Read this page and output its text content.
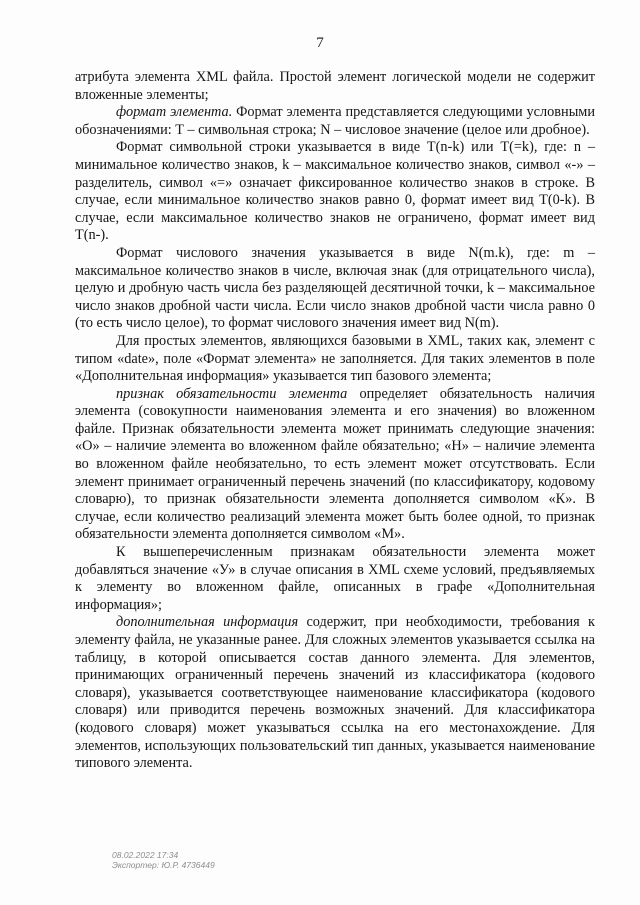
7

атрибута элемента XML файла. Простой элемент логической модели не содержит вложенные элементы;

формат элемента. Формат элемента представляется следующими условными обозначениями: T – символьная строка; N – числовое значение (целое или дробное).

Формат символьной строки указывается в виде T(n-k) или T(=k), где: n – минимальное количество знаков, k – максимальное количество знаков, символ «-» – разделитель, символ «=» означает фиксированное количество знаков в строке. В случае, если минимальное количество знаков равно 0, формат имеет вид T(0-k). В случае, если максимальное количество знаков не ограничено, формат имеет вид T(n-).

Формат числового значения указывается в виде N(m.k), где: m – максимальное количество знаков в числе, включая знак (для отрицательного числа), целую и дробную часть числа без разделяющей десятичной точки, k – максимальное число знаков дробной части числа. Если число знаков дробной части числа равно 0 (то есть число целое), то формат числового значения имеет вид N(m).

Для простых элементов, являющихся базовыми в XML, таких как, элемент с типом «date», поле «Формат элемента» не заполняется. Для таких элементов в поле «Дополнительная информация» указывается тип базового элемента;

признак обязательности элемента определяет обязательность наличия элемента (совокупности наименования элемента и его значения) во вложенном файле. Признак обязательности элемента может принимать следующие значения: «О» – наличие элемента во вложенном файле обязательно; «Н» – наличие элемента во вложенном файле необязательно, то есть элемент может отсутствовать. Если элемент принимает ограниченный перечень значений (по классификатору, кодовому словарю), то признак обязательности элемента дополняется символом «К». В случае, если количество реализаций элемента может быть более одной, то признак обязательности элемента дополняется символом «М».

К вышеперечисленным признакам обязательности элемента может добавляться значение «У» в случае описания в XML схеме условий, предъявляемых к элементу во вложенном файле, описанных в графе «Дополнительная информация»;

дополнительная информация содержит, при необходимости, требования к элементу файла, не указанные ранее. Для сложных элементов указывается ссылка на таблицу, в которой описывается состав данного элемента. Для элементов, принимающих ограниченный перечень значений из классификатора (кодового словаря), указывается соответствующее наименование классификатора (кодового словаря) или приводится перечень возможных значений. Для классификатора (кодового словаря) может указываться ссылка на его местонахождение. Для элементов, использующих пользовательский тип данных, указывается наименование типового элемента.

08.02.2022 17:34
Экспортер: Ю.Р. 4736449
